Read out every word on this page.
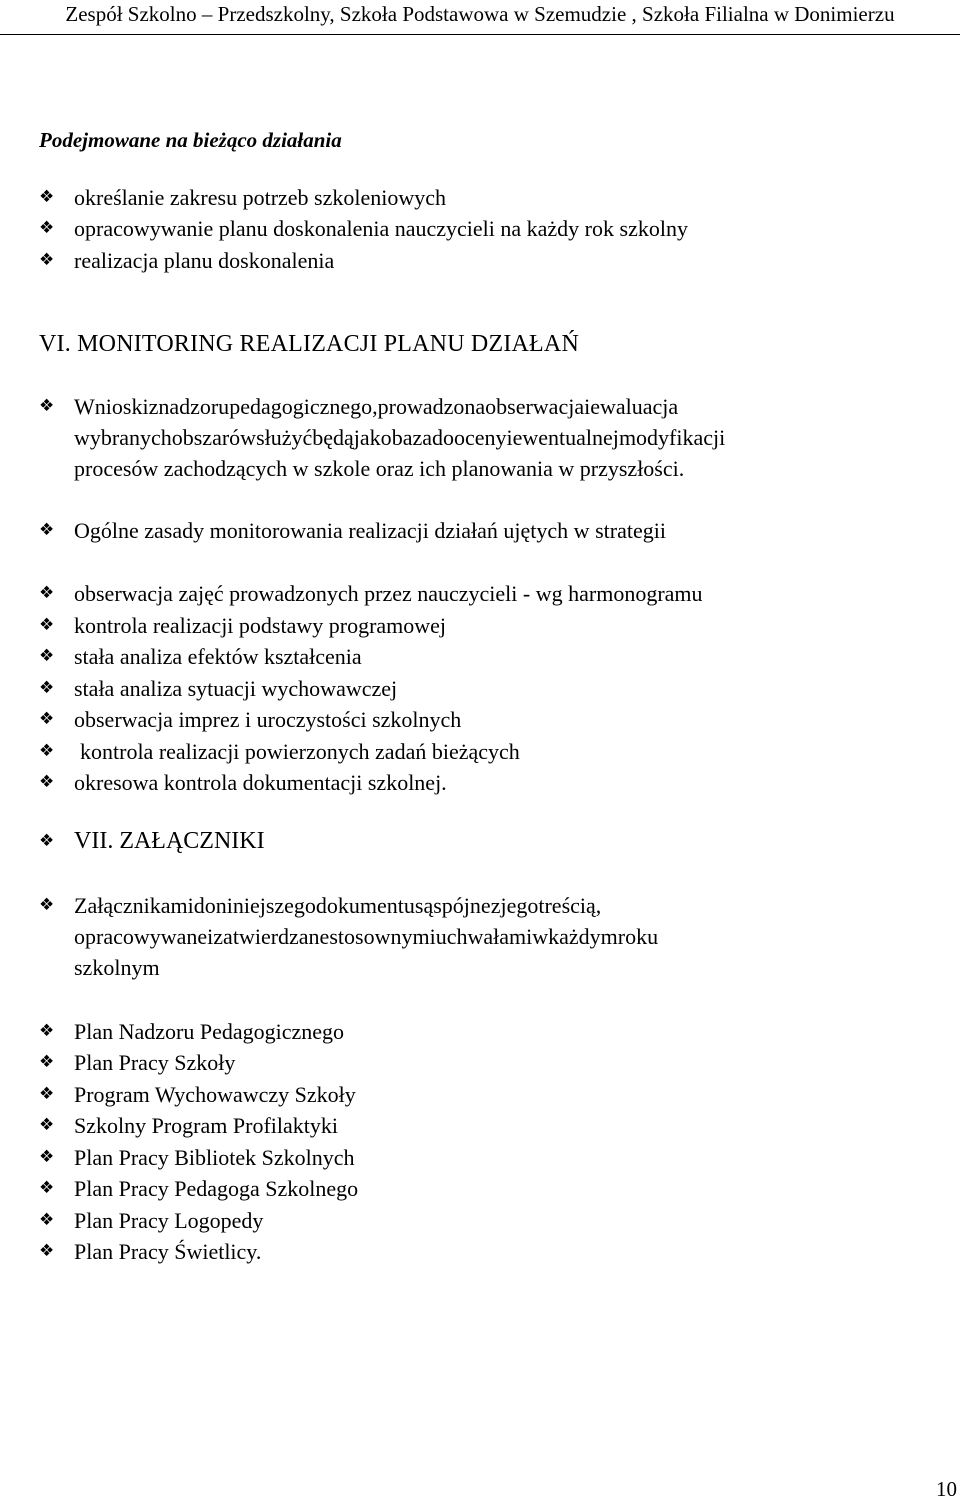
Zespół Szkolno – Przedszkolny, Szkoła Podstawowa w Szemudzie , Szkoła Filialna w Donimierzu
Podejmowane na bieżąco działania
❖ określanie zakresu potrzeb szkoleniowych
❖ opracowywanie planu doskonalenia nauczycieli na każdy rok szkolny
❖ realizacja planu doskonalenia
VI. MONITORING REALIZACJI PLANU DZIAŁAŃ
❖ Wnioskiznadzorupedagogicznego,prowadzonaobserwacjaiewaluacja
wybranychobszarówsłużyćbędąjakobazadoocenyiewentualnejmodyfikacji
procesów zachodzących w szkole oraz ich planowania w przyszłości.
❖ Ogólne zasady monitorowania realizacji działań ujętych w strategii
❖ obserwacja zajęć prowadzonych przez nauczycieli - wg harmonogramu
❖ kontrola realizacji podstawy programowej
❖ stała analiza efektów kształcenia
❖ stała analiza sytuacji wychowawczej
❖ obserwacja imprez i uroczystości szkolnych
❖	kontrola realizacji powierzonych zadań bieżących
❖ okresowa kontrola dokumentacji szkolnej.
❖ VII. ZAŁĄCZNIKI
❖ Załącznikamidoniniejszegodokumentusąspójnezjegotreścią,
opracowywaneizatwierdzanestosownymiuchwałamiwkażdymroku
szkolnym
❖ Plan Nadzoru Pedagogicznego
❖ Plan Pracy Szkoły
❖ Program Wychowawczy Szkoły
❖ Szkolny Program Profilaktyki
❖ Plan Pracy Bibliotek Szkolnych
❖ Plan Pracy Pedagoga Szkolnego
❖ Plan Pracy Logopedy
❖ Plan Pracy Świetlicy.
10
